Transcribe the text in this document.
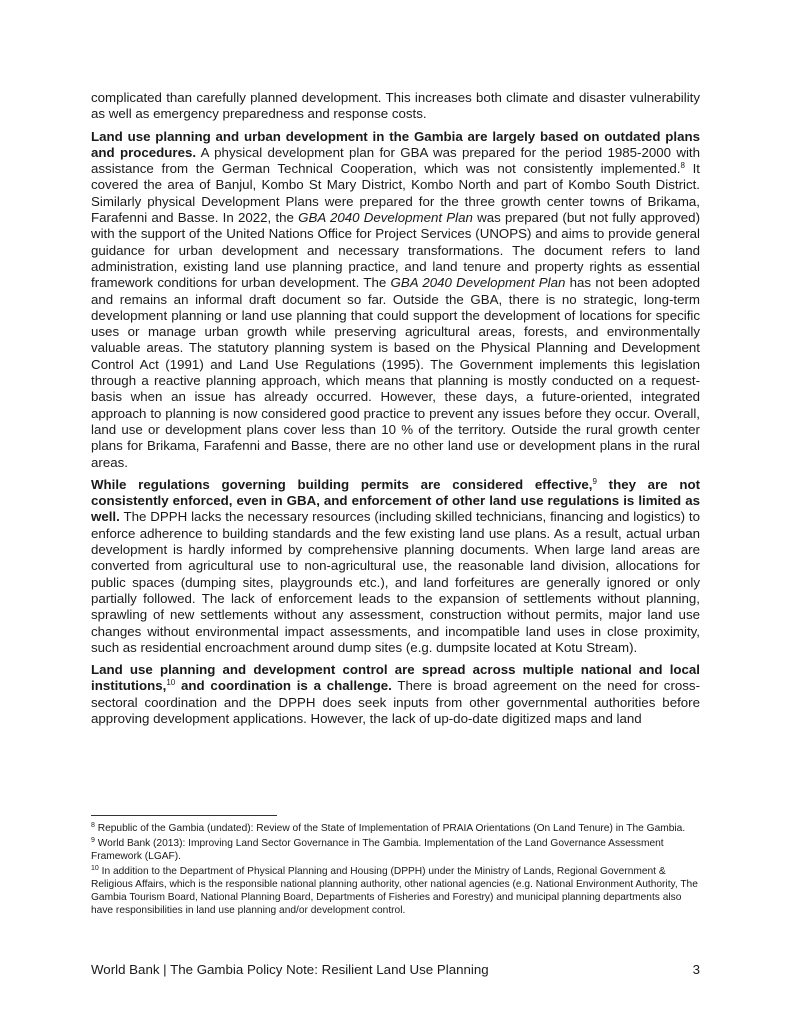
complicated than carefully planned development. This increases both climate and disaster vulnerability as well as emergency preparedness and response costs.

Land use planning and urban development in the Gambia are largely based on outdated plans and procedures. A physical development plan for GBA was prepared for the period 1985-2000 with assistance from the German Technical Cooperation, which was not consistently implemented.$^8$ It covered the area of Banjul, Kombo St Mary District, Kombo North and part of Kombo South District. Similarly physical Development Plans were prepared for the three growth center towns of Brikama, Farafenni and Basse. In 2022, the GBA 2040 Development Plan was prepared (but not fully approved) with the support of the United Nations Office for Project Services (UNOPS) and aims to provide general guidance for urban development and necessary transformations. The document refers to land administration, existing land use planning practice, and land tenure and property rights as essential framework conditions for urban development. The GBA 2040 Development Plan has not been adopted and remains an informal draft document so far. Outside the GBA, there is no strategic, long-term development planning or land use planning that could support the development of locations for specific uses or manage urban growth while preserving agricultural areas, forests, and environmentally valuable areas. The statutory planning system is based on the Physical Planning and Development Control Act (1991) and Land Use Regulations (1995). The Government implements this legislation through a reactive planning approach, which means that planning is mostly conducted on a request-basis when an issue has already occurred. However, these days, a future-oriented, integrated approach to planning is now considered good practice to prevent any issues before they occur. Overall, land use or development plans cover less than 10 % of the territory. Outside the rural growth center plans for Brikama, Farafenni and Basse, there are no other land use or development plans in the rural areas.

While regulations governing building permits are considered effective,$^9$ they are not consistently enforced, even in GBA, and enforcement of other land use regulations is limited as well. The DPPH lacks the necessary resources (including skilled technicians, financing and logistics) to enforce adherence to building standards and the few existing land use plans. As a result, actual urban development is hardly informed by comprehensive planning documents. When large land areas are converted from agricultural use to non-agricultural use, the reasonable land division, allocations for public spaces (dumping sites, playgrounds etc.), and land forfeitures are generally ignored or only partially followed. The lack of enforcement leads to the expansion of settlements without planning, sprawling of new settlements without any assessment, construction without permits, major land use changes without environmental impact assessments, and incompatible land uses in close proximity, such as residential encroachment around dump sites (e.g. dumpsite located at Kotu Stream).

Land use planning and development control are spread across multiple national and local institutions,$^{10}$ and coordination is a challenge. There is broad agreement on the need for cross-sectoral coordination and the DPPH does seek inputs from other governmental authorities before approving development applications. However, the lack of up-do-date digitized maps and land

$^8$ Republic of the Gambia (undated): Review of the State of Implementation of PRAIA Orientations (On Land Tenure) in The Gambia.

$^9$ World Bank (2013): Improving Land Sector Governance in The Gambia. Implementation of the Land Governance Assessment Framework (LGAF).

$^{10}$ In addition to the Department of Physical Planning and Housing (DPPH) under the Ministry of Lands, Regional Government & Religious Affairs, which is the responsible national planning authority, other national agencies (e.g. National Environment Authority, The Gambia Tourism Board, National Planning Board, Departments of Fisheries and Forestry) and municipal planning departments also have responsibilities in land use planning and/or development control.

World Bank | The Gambia Policy Note: Resilient Land Use Planning	3
